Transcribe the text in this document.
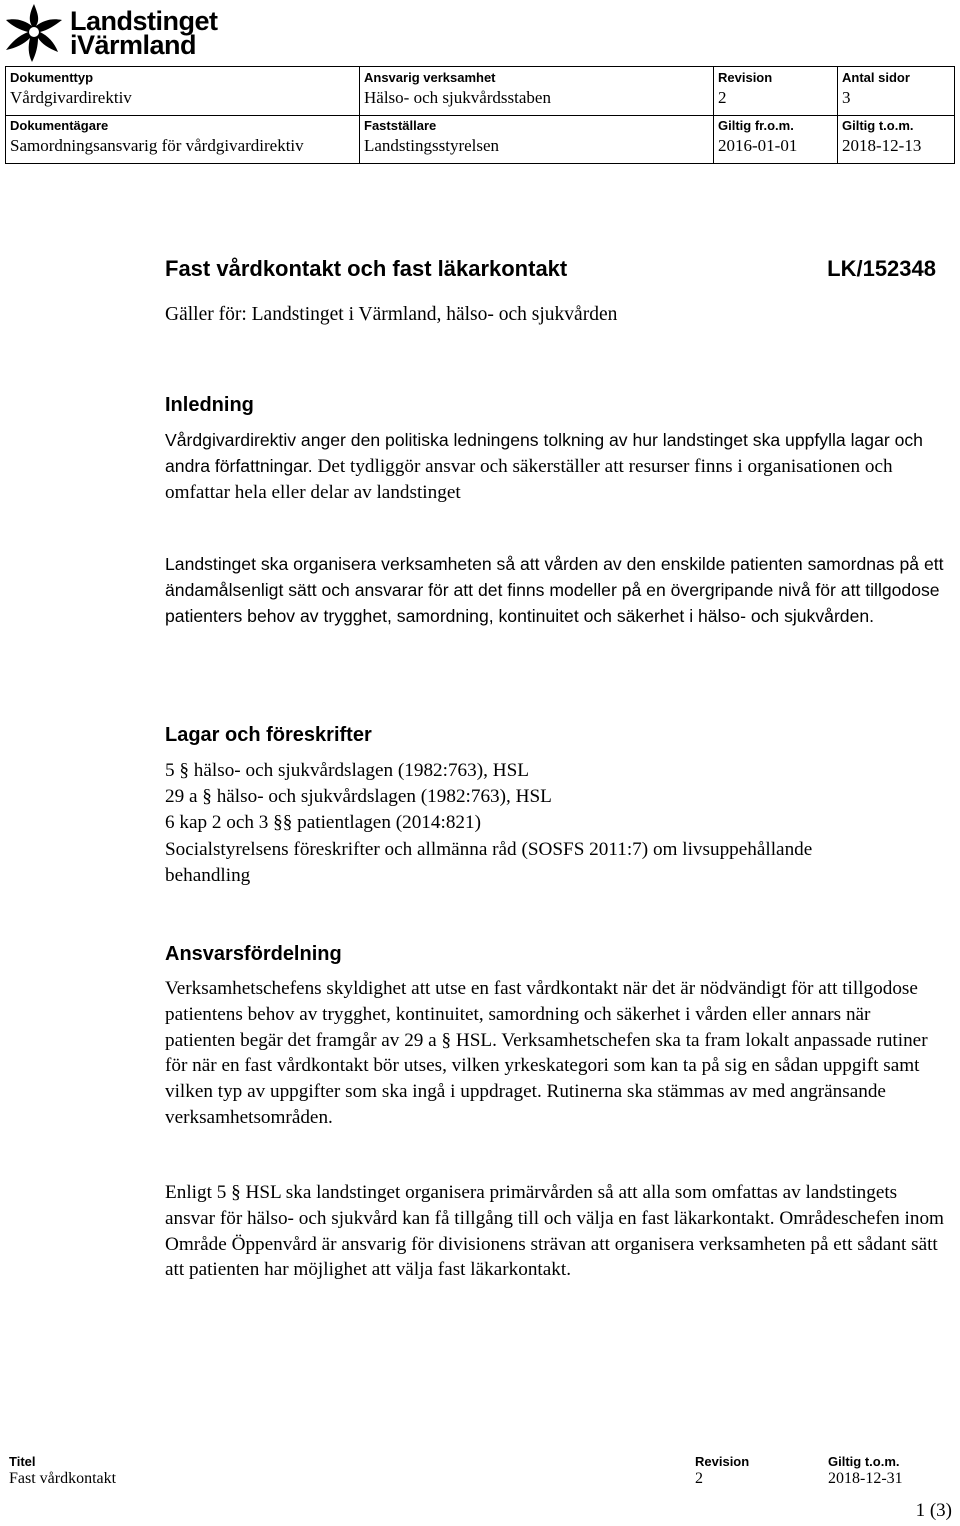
Landstinget
iVärmland
Dokumenttyp
Vårdgivardirektiv
Ansvarig verksamhet
Hälso- och sjukvårdsstaben
Revision
2
Antal sidor
3
Dokumentägare
Samordningsansvarig för vårdgivardirektiv
Fastställare
Landstingsstyrelsen
Giltig fr.o.m.
2016-01-01
Giltig t.o.m.
2018-12-13
Fast vårdkontakt och fast läkarkontakt	LK/152348
Gäller för: Landstinget i Värmland, hälso- och sjukvården
Inledning

Vårdgivardirektiv anger den politiska ledningens tolkning av hur landstinget ska uppfylla lagar och andra författningar. Det tydliggör ansvar och säkerställer att resurser finns i organisationen och omfattar hela eller delar av landstinget

Landstinget ska organisera verksamheten så att vården av den enskilde patienten samordnas på ett ändamålsenligt sätt och ansvarar för att det finns modeller på en övergripande nivå för att tillgodose patienters behov av trygghet, samordning, kontinuitet och säkerhet i hälso- och sjukvården.

Lagar och föreskrifter
5 § hälso- och sjukvårdslagen (1982:763), HSL
29 a § hälso- och sjukvårdslagen (1982:763), HSL
6 kap 2 och 3 §§ patientlagen (2014:821)
Socialstyrelsens föreskrifter och allmänna råd (SOSFS 2011:7) om livsuppehållande
behandling
Ansvarsfördelning

Verksamhetschefens skyldighet att utse en fast vårdkontakt när det är nödvändigt för att tillgodose patientens behov av trygghet, kontinuitet, samordning och säkerhet i vården eller annars när patienten begär det framgår av 29 a § HSL. Verksamhetschefen ska ta fram lokalt anpassade rutiner för när en fast vårdkontakt bör utses, vilken yrkeskategori som kan ta på sig en sådan uppgift samt vilken typ av uppgifter som ska ingå i uppdraget. Rutinerna ska stämmas av med angränsande verksamhetsområden.

Enligt 5 § HSL ska landstinget organisera primärvården så att alla som omfattas av landstingets ansvar för hälso- och sjukvård kan få tillgång till och välja en fast läkarkontakt. Områdeschefen inom Område Öppenvård är ansvarig för divisionens strävan att organisera verksamheten på ett sådant sätt att patienten har möjlighet att välja fast läkarkontakt.

Titel
Fast vårdkontakt
Revision
2
Giltig t.o.m.
2018-12-31
1 (3)
